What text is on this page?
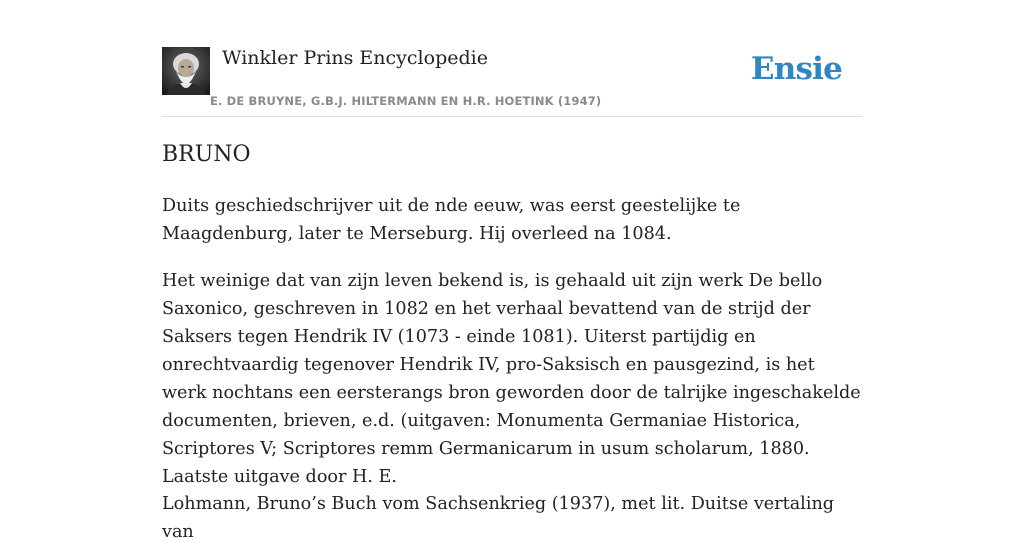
Winkler Prins Encyclopedie
E. DE BRUYNE, G.B.J. HILTERMANN EN H.R. HOETINK (1947)
Ensie
BRUNO

Duits geschiedschrijver uit de nde eeuw, was eerst geestelijke te Maagdenburg, later te Merseburg. Hij overleed na 1084.

Het weinige dat van zijn leven bekend is, is gehaald uit zijn werk De bello Saxonico, geschreven in 1082 en het verhaal bevattend van de strijd der Saksers tegen Hendrik IV (1073 - einde 1081). Uiterst partijdig en onrechtvaardig tegenover Hendrik IV, pro-Saksisch en pausgezind, is het werk nochtans een eersterangs bron geworden door de talrijke ingeschakelde documenten, brieven, e.d. (uitgaven: Monumenta Germaniae Historica, Scriptores V; Scriptores remm Germanicarum in usum scholarum, 1880. Laatste uitgave door H. E.

Lohmann, Bruno’s Buch vom Sachsenkrieg (1937), met lit. Duitse vertaling van
